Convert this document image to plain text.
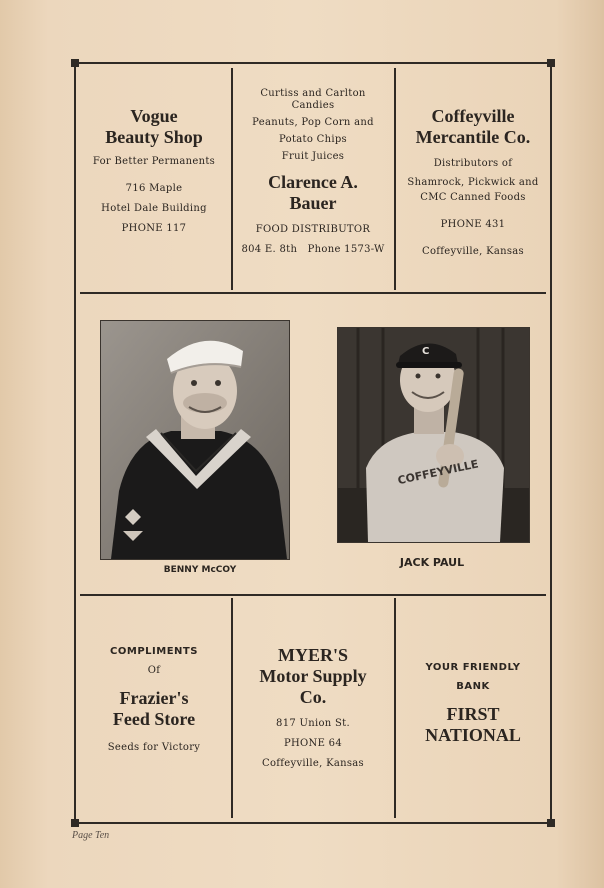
Vogue
Beauty Shop
For Better Permanents
716 Maple
Hotel Dale Building
PHONE 117
Curtiss and Carlton
Candies
Peanuts, Pop Corn and
Potato Chips
Fruit Juices
Clarence A.
Bauer
FOOD DISTRIBUTOR
804 E. 8th   Phone 1573-W
Coffeyville
Mercantile Co.
Distributors of
Shamrock, Pickwick and
CMC Canned Foods
PHONE 431
Coffeyville, Kansas
BENNY McCOY
C
COFFEYVILLE
JACK PAUL
COMPLIMENTS
Of
Frazier's
Feed Store
Seeds for Victory
MYER'S
Motor Supply
Co.
817 Union St.
PHONE 64
Coffeyville, Kansas
YOUR FRIENDLY
BANK
FIRST
NATIONAL
Page Ten
